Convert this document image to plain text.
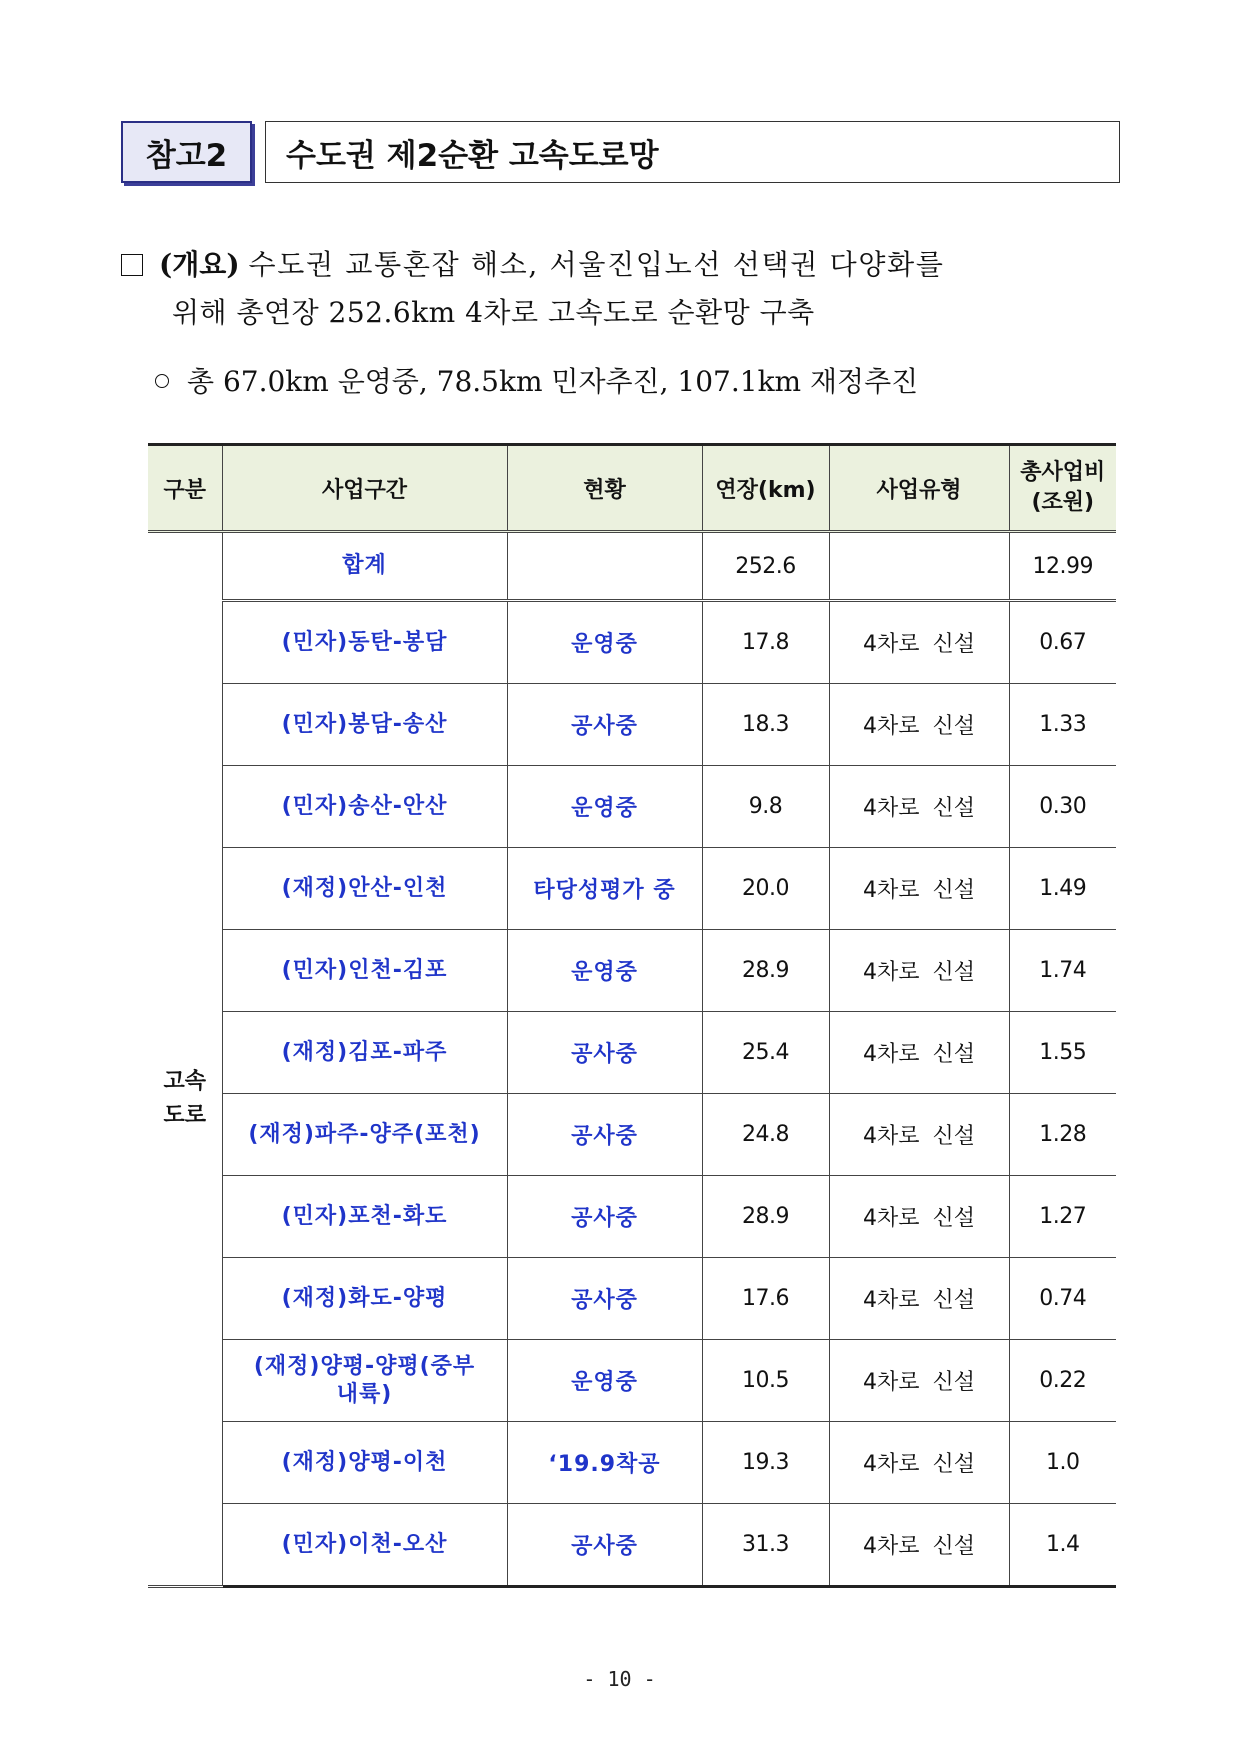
참고2	수도권 제2순환 고속도로망
(개요) 수도권 교통혼잡 해소, 서울진입노선 선택권 다양화를
위해 총연장 252.6km 4차로 고속도로 순환망 구축
총 67.0km 운영중, 78.5km 민자추진, 107.1km 재정추진
구분	사업구간	현황	연장(km)	사업유형	총사업비
(조원)
고속
도로	합계		252.6		12.99
	(민자)동탄-봉담	운영중	17.8	4차로 신설	0.67
	(민자)봉담-송산	공사중	18.3	4차로 신설	1.33
	(민자)송산-안산	운영중	9.8	4차로 신설	0.30
	(재정)안산-인천	타당성평가 중	20.0	4차로 신설	1.49
	(민자)인천-김포	운영중	28.9	4차로 신설	1.74
	(재정)김포-파주	공사중	25.4	4차로 신설	1.55
	(재정)파주-양주(포천)	공사중	24.8	4차로 신설	1.28
	(민자)포천-화도	공사중	28.9	4차로 신설	1.27
	(재정)화도-양평	공사중	17.6	4차로 신설	0.74
	(재정)양평-양평(중부
내륙)	운영중	10.5	4차로 신설	0.22
	(재정)양평-이천	‘19.9착공	19.3	4차로 신설	1.0
	(민자)이천-오산	공사중	31.3	4차로 신설	1.4
- 10 -
